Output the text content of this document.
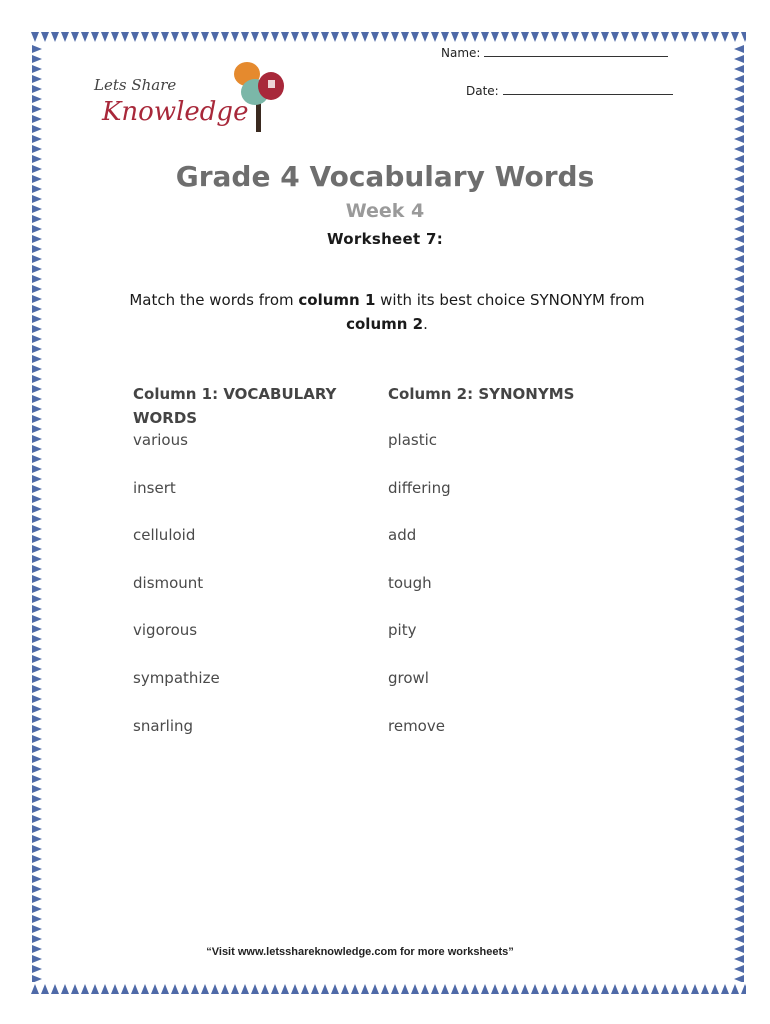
Lets Share
Knowledge
Name:
Date:
Grade 4 Vocabulary Words
Week 4
Worksheet 7:
Match the words from column 1 with its best choice SYNONYM from column 2.
Column 1: VOCABULARY WORDS
Column 2: SYNONYMS
various
insert
celluloid
dismount
vigorous
sympathize
snarling
plastic
differing
add
tough
pity
growl
remove
“Visit www.letsshareknowledge.com for more worksheets”
